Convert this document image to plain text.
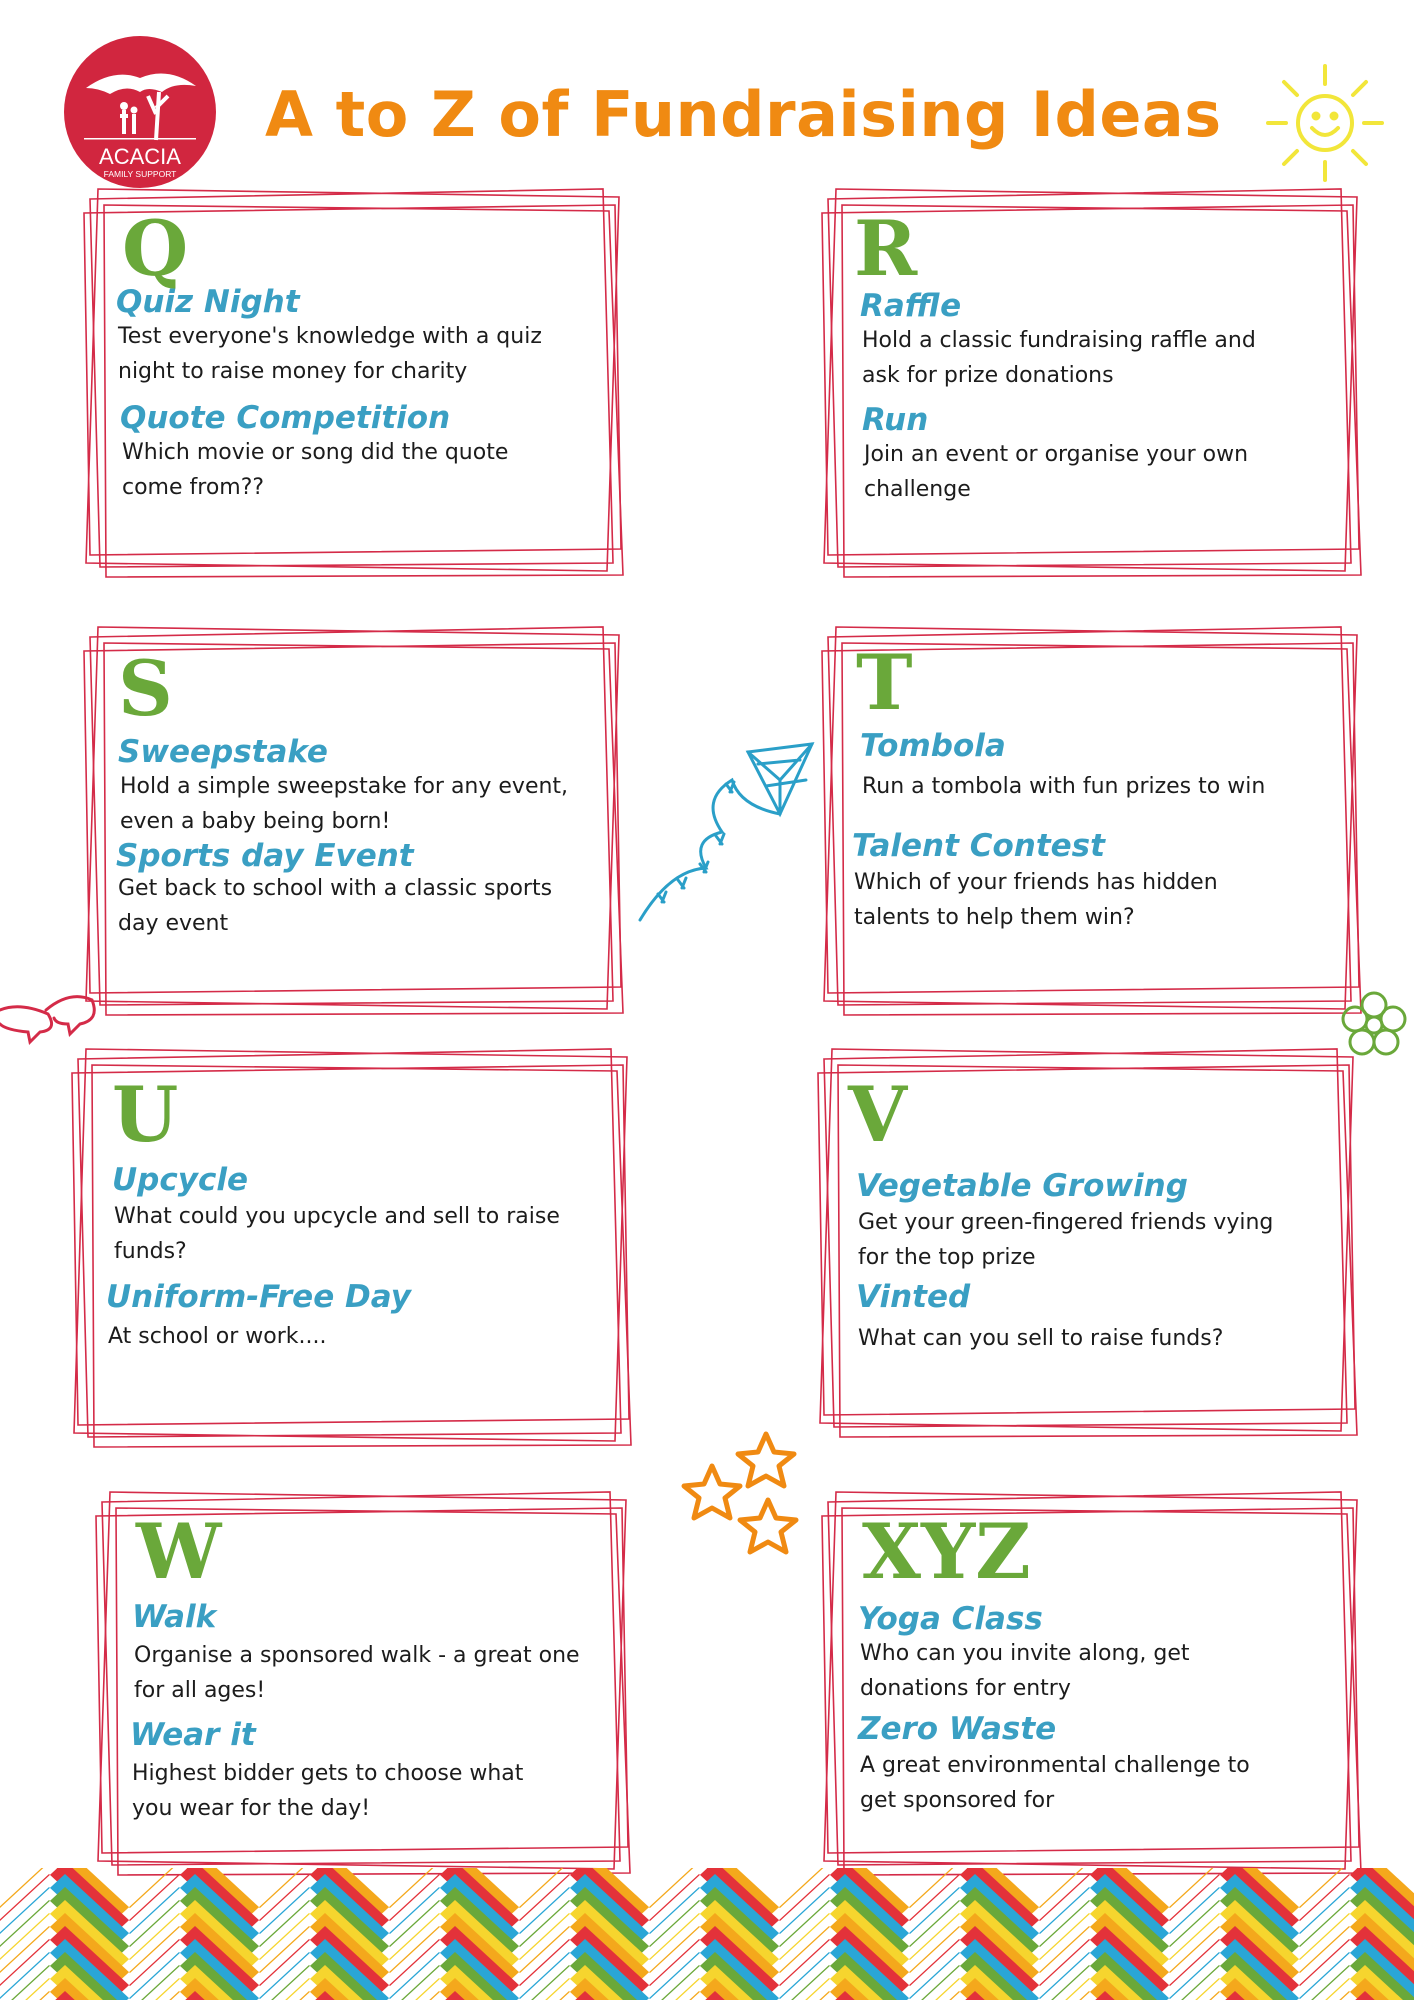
ACACIA
FAMILY SUPPORT
A to Z of Fundraising Ideas
Q
Quiz Night
Test everyone's knowledge with a quiz
night to raise money for charity
Quote Competition
Which movie or song did the quote
come from??
R
Raffle
Hold a classic fundraising raffle and
ask for prize donations
Run
Join an event or organise your own
challenge
S
Sweepstake
Hold a simple sweepstake for any event,
even a baby being born!
Sports day Event
Get back to school with a classic sports
day event
T
Tombola
Run a tombola with fun prizes to win
Talent Contest
Which of your friends has hidden
talents to help them win?
U
Upcycle
What could you upcycle and sell to raise
funds?
Uniform-Free Day
At school or work....
V
Vegetable Growing
Get your green-fingered friends vying
for the top prize
Vinted
What can you sell to raise funds?
W
Walk
Organise a sponsored walk - a great one
for all ages!
Wear it
Highest bidder gets to choose what
you wear for the day!
XYZ
Yoga Class
Who can you invite along, get
donations for entry
Zero Waste
A great environmental challenge to
get sponsored for
